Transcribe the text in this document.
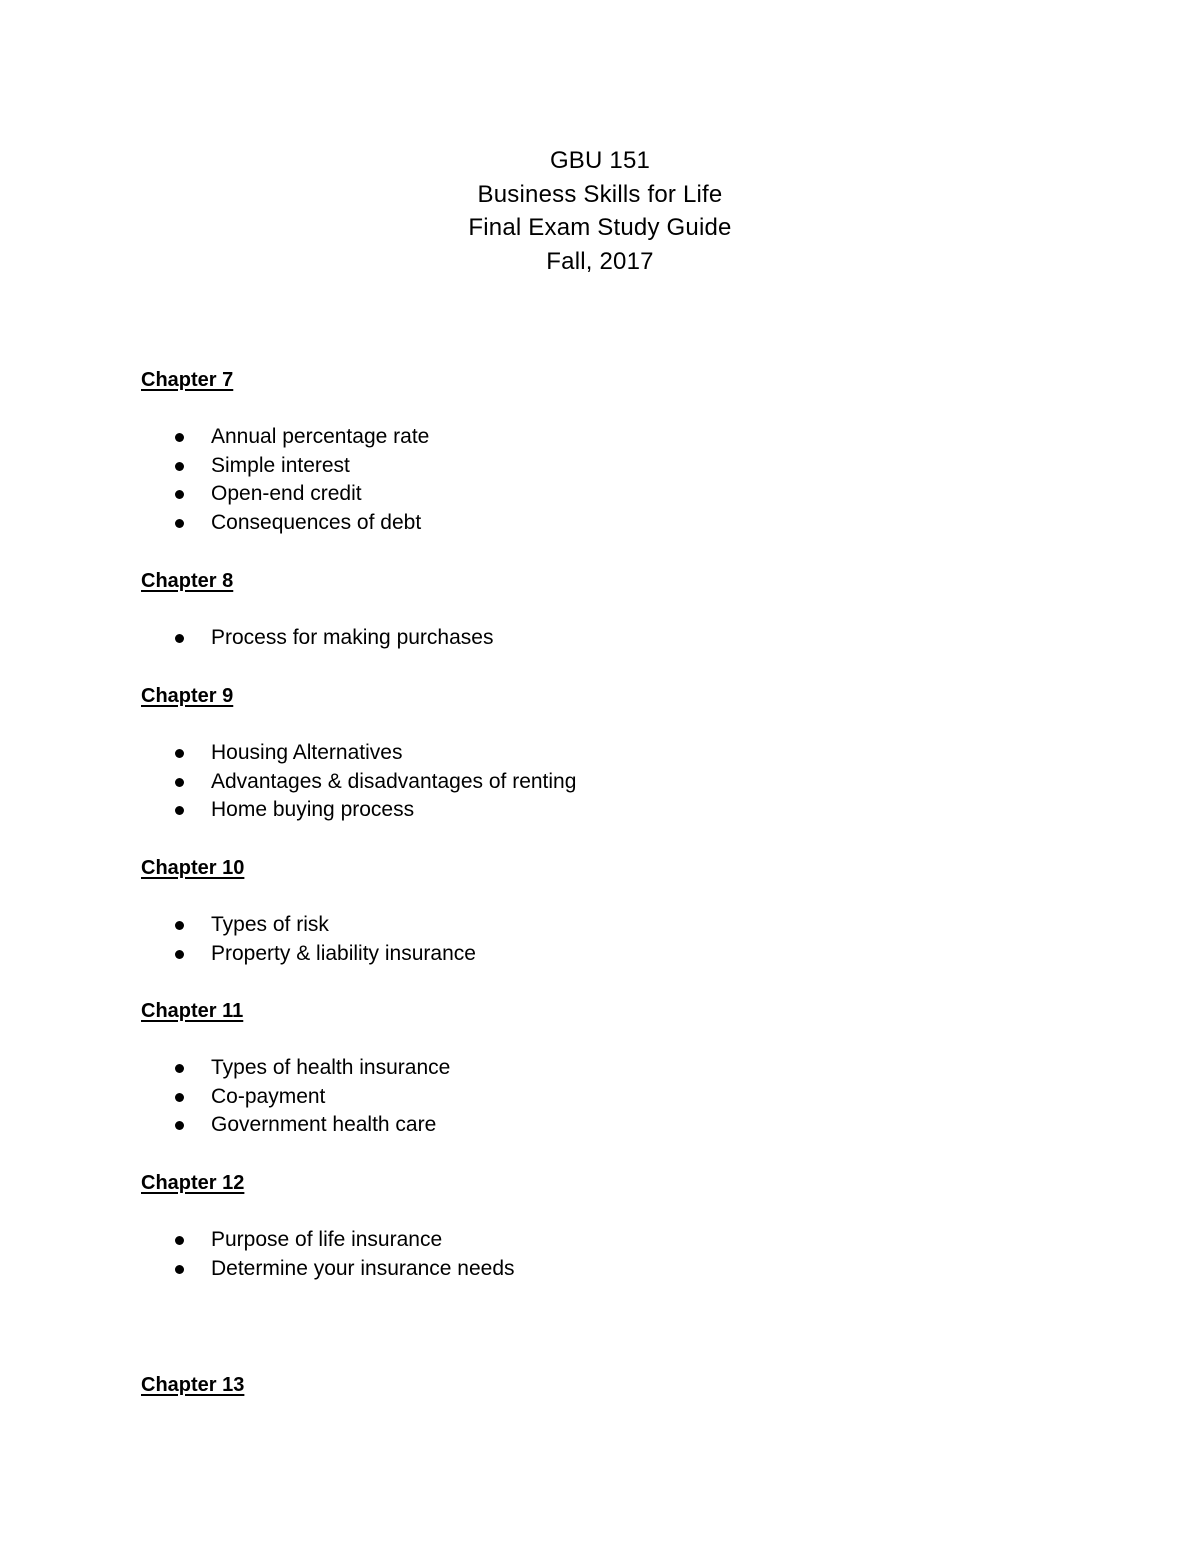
GBU 151
Business Skills for Life
Final Exam Study Guide
Fall, 2017
Chapter 7
Annual percentage rate
Simple interest
Open-end credit
Consequences of debt
Chapter 8
Process for making purchases
Chapter 9
Housing Alternatives
Advantages & disadvantages of renting
Home buying process
Chapter 10
Types of risk
Property & liability insurance
Chapter 11
Types of health insurance
Co-payment
Government health care
Chapter 12
Purpose of life insurance
Determine your insurance needs
Chapter 13
